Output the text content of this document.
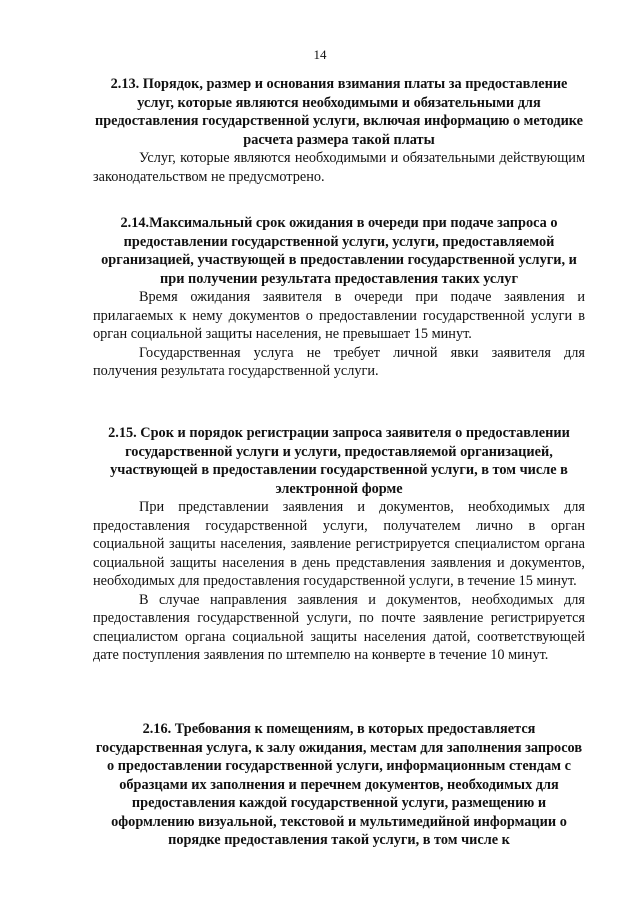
14
2.13. Порядок, размер и основания взимания платы за предоставление услуг, которые являются необходимыми и обязательными для предоставления государственной услуги, включая информацию о методике расчета размера такой платы

Услуг, которые являются необходимыми и обязательными действующим законодательством не предусмотрено.

2.14.Максимальный срок ожидания в очереди при подаче запроса о предоставлении государственной услуги, услуги, предоставляемой организацией, участвующей в предоставлении государственной услуги, и при получении результата предоставления таких услуг

Время ожидания заявителя в очереди при подаче заявления и прилагаемых к нему документов о предоставлении государственной услуги в орган социальной защиты населения, не превышает 15 минут.

Государственная услуга не требует личной явки заявителя для получения результата государственной услуги.

2.15. Срок и порядок регистрации запроса заявителя о предоставлении государственной услуги и услуги, предоставляемой организацией, участвующей в предоставлении государственной услуги, в том числе в электронной форме

При представлении заявления и документов, необходимых для предоставления государственной услуги, получателем лично в орган социальной защиты населения, заявление регистрируется специалистом органа социальной защиты населения в день представления заявления и документов, необходимых для предоставления государственной услуги, в течение 15 минут.

В случае направления заявления и документов, необходимых для предоставления государственной услуги, по почте заявление регистрируется специалистом органа социальной защиты населения датой, соответствующей дате поступления заявления по штемпелю на конверте в течение 10 минут.

2.16. Требования к помещениям, в которых предоставляется государственная услуга, к залу ожидания, местам для заполнения запросов о предоставлении государственной услуги, информационным стендам с образцами их заполнения и перечнем документов, необходимых для предоставления каждой государственной услуги, размещению и оформлению визуальной, текстовой и мультимедийной информации о порядке предоставления такой услуги, в том числе к
